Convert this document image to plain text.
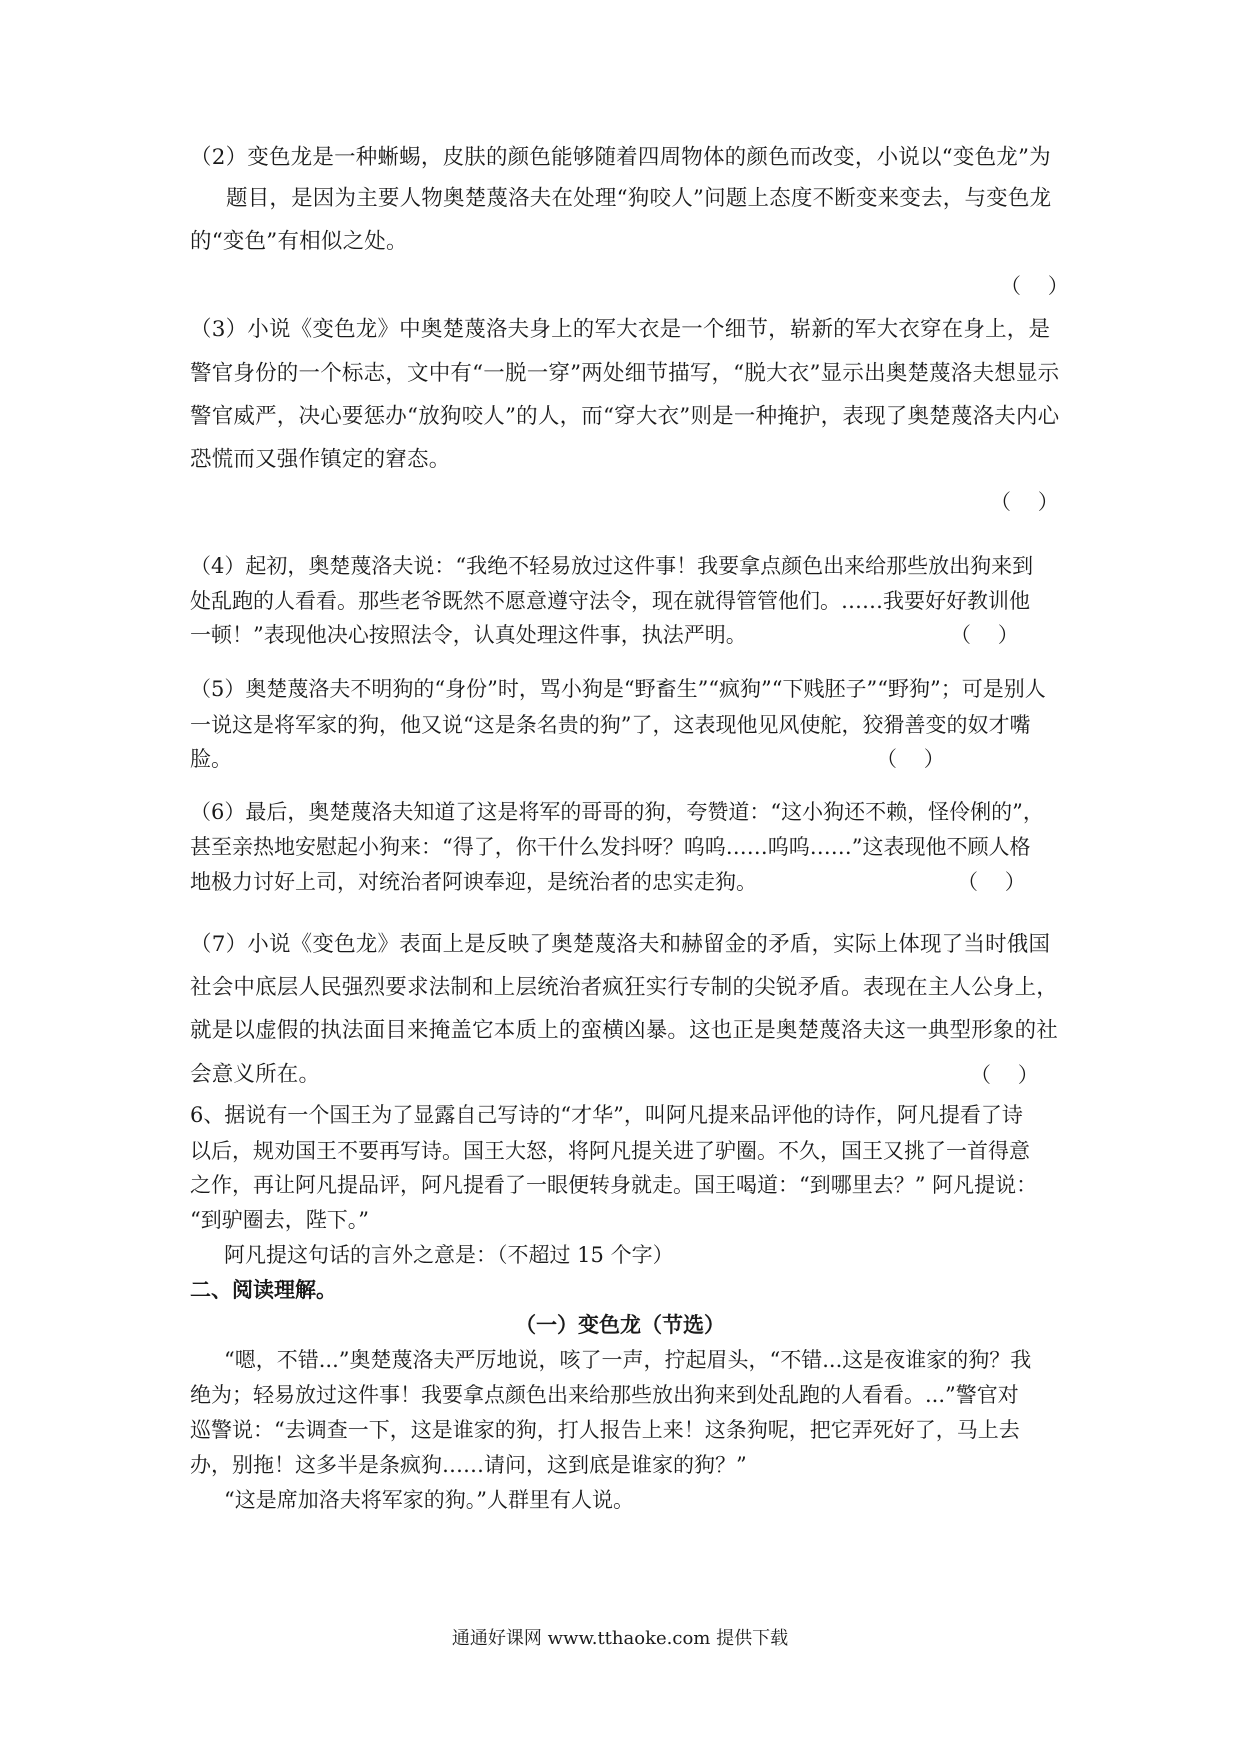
（2）变色龙是一种蜥蜴，皮肤的颜色能够随着四周物体的颜色而改变，小说以“变色龙”为
题目，是因为主要人物奥楚蔑洛夫在处理“狗咬人”问题上态度不断变来变去，与变色龙
的“变色”有相似之处。
（    ）
（3）小说《变色龙》中奥楚蔑洛夫身上的军大衣是一个细节，崭新的军大衣穿在身上，是
警官身份的一个标志，文中有“一脱一穿”两处细节描写，“脱大衣”显示出奥楚蔑洛夫想显示
警官威严，决心要惩办“放狗咬人”的人，而“穿大衣”则是一种掩护，表现了奥楚蔑洛夫内心
恐慌而又强作镇定的窘态。
（    ）
（4）起初，奥楚蔑洛夫说：“我绝不轻易放过这件事！我要拿点颜色出来给那些放出狗来到
处乱跑的人看看。那些老爷既然不愿意遵守法令，现在就得管管他们。……我要好好教训他
一顿！”表现他决心按照法令，认真处理这件事，执法严明。	（    ）
（5）奥楚蔑洛夫不明狗的“身份”时，骂小狗是“野畜生”“疯狗”“下贱胚子”“野狗”；可是别人
一说这是将军家的狗，他又说“这是条名贵的狗”了，这表现他见风使舵，狡猾善变的奴才嘴
脸。	（    ）
（6）最后，奥楚蔑洛夫知道了这是将军的哥哥的狗，夸赞道：“这小狗还不赖，怪伶俐的”，
甚至亲热地安慰起小狗来：“得了，你干什么发抖呀？呜呜……呜呜……”这表现他不顾人格
地极力讨好上司，对统治者阿谀奉迎，是统治者的忠实走狗。	（    ）
（7）小说《变色龙》表面上是反映了奥楚蔑洛夫和赫留金的矛盾，实际上体现了当时俄国
社会中底层人民强烈要求法制和上层统治者疯狂实行专制的尖锐矛盾。表现在主人公身上，
就是以虚假的执法面目来掩盖它本质上的蛮横凶暴。这也正是奥楚蔑洛夫这一典型形象的社
会意义所在。	（    ）
6、据说有一个国王为了显露自己写诗的“才华”，叫阿凡提来品评他的诗作，阿凡提看了诗
以后，规劝国王不要再写诗。国王大怒，将阿凡提关进了驴圈。不久，国王又挑了一首得意
之作，再让阿凡提品评，阿凡提看了一眼便转身就走。国王喝道：“到哪里去？” 阿凡提说：
“到驴圈去，陛下。”
阿凡提这句话的言外之意是：（不超过 15 个字）
二、阅读理解。
（一）变色龙（节选）
“嗯，不错...”奥楚蔑洛夫严厉地说，咳了一声，拧起眉头，“不错...这是夜谁家的狗？我
绝为；轻易放过这件事！我要拿点颜色出来给那些放出狗来到处乱跑的人看看。...”警官对
巡警说：“去调查一下，这是谁家的狗，打人报告上来！这条狗呢，把它弄死好了，马上去
办，别拖！这多半是条疯狗……请问，这到底是谁家的狗？”
“这是席加洛夫将军家的狗。”人群里有人说。
通通好课网 www.tthaoke.com 提供下载
